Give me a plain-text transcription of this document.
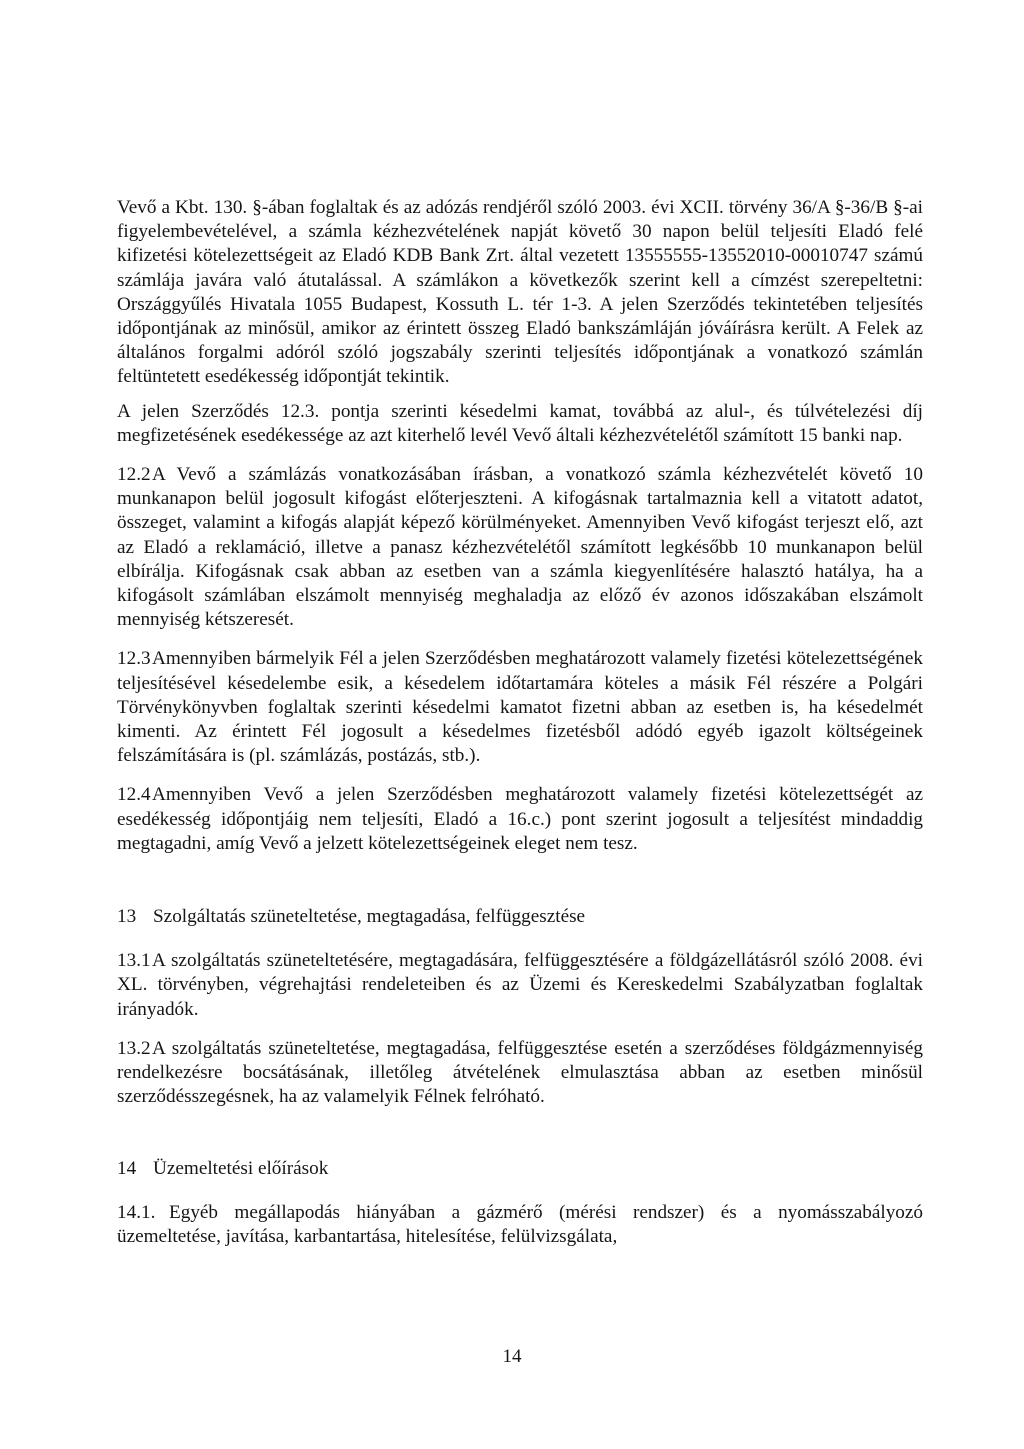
Vevő a Kbt. 130. §-ában foglaltak és az adózás rendjéről szóló 2003. évi XCII. törvény 36/A §-36/B §-ai figyelembevételével, a számla kézhezvételének napját követő 30 napon belül teljesíti Eladó felé kifizetési kötelezettségeit az Eladó KDB Bank Zrt. által vezetett 13555555-13552010-00010747 számú számlája javára való átutalással. A számlákon a következők szerint kell a címzést szerepeltetni: Országgyűlés Hivatala 1055 Budapest, Kossuth L. tér 1-3. A jelen Szerződés tekintetében teljesítés időpontjának az minősül, amikor az érintett összeg Eladó bankszámláján jóváírásra került. A Felek az általános forgalmi adóról szóló jogszabály szerinti teljesítés időpontjának a vonatkozó számlán feltüntetett esedékesség időpontját tekintik.

A jelen Szerződés 12.3. pontja szerinti késedelmi kamat, továbbá az alul-, és túlvételezési díj megfizetésének esedékessége az azt kiterhelő levél Vevő általi kézhezvételétől számított 15 banki nap.

12.2A Vevő a számlázás vonatkozásában írásban, a vonatkozó számla kézhezvételét követő 10 munkanapon belül jogosult kifogást előterjeszteni. A kifogásnak tartalmaznia kell a vitatott adatot, összeget, valamint a kifogás alapját képező körülményeket. Amennyiben Vevő kifogást terjeszt elő, azt az Eladó a reklamáció, illetve a panasz kézhezvételétől számított legkésőbb 10 munkanapon belül elbírálja. Kifogásnak csak abban az esetben van a számla kiegyenlítésére halasztó hatálya, ha a kifogásolt számlában elszámolt mennyiség meghaladja az előző év azonos időszakában elszámolt mennyiség kétszeresét.

12.3Amennyiben bármelyik Fél a jelen Szerződésben meghatározott valamely fizetési kötelezettségének teljesítésével késedelembe esik, a késedelem időtartamára köteles a másik Fél részére a Polgári Törvénykönyvben foglaltak szerinti késedelmi kamatot fizetni abban az esetben is, ha késedelmét kimenti. Az érintett Fél jogosult a késedelmes fizetésből adódó egyéb igazolt költségeinek felszámítására is (pl. számlázás, postázás, stb.).

12.4Amennyiben Vevő a jelen Szerződésben meghatározott valamely fizetési kötelezettségét az esedékesség időpontjáig nem teljesíti, Eladó a 16.c.) pont szerint jogosult a teljesítést mindaddig megtagadni, amíg Vevő a jelzett kötelezettségeinek eleget nem tesz.

13 Szolgáltatás szüneteltetése, megtagadása, felfüggesztése

13.1A szolgáltatás szüneteltetésére, megtagadására, felfüggesztésére a földgázellátásról szóló 2008. évi XL. törvényben, végrehajtási rendeleteiben és az Üzemi és Kereskedelmi Szabályzatban foglaltak irányadók.

13.2A szolgáltatás szüneteltetése, megtagadása, felfüggesztése esetén a szerződéses földgázmennyiség rendelkezésre bocsátásának, illetőleg átvételének elmulasztása abban az esetben minősül szerződésszegésnek, ha az valamelyik Félnek felróható.

14 Üzemeltetési előírások

14.1. Egyéb megállapodás hiányában a gázmérő (mérési rendszer) és a nyomásszabályozó üzemeltetése, javítása, karbantartása, hitelesítése, felülvizsgálata,

14
